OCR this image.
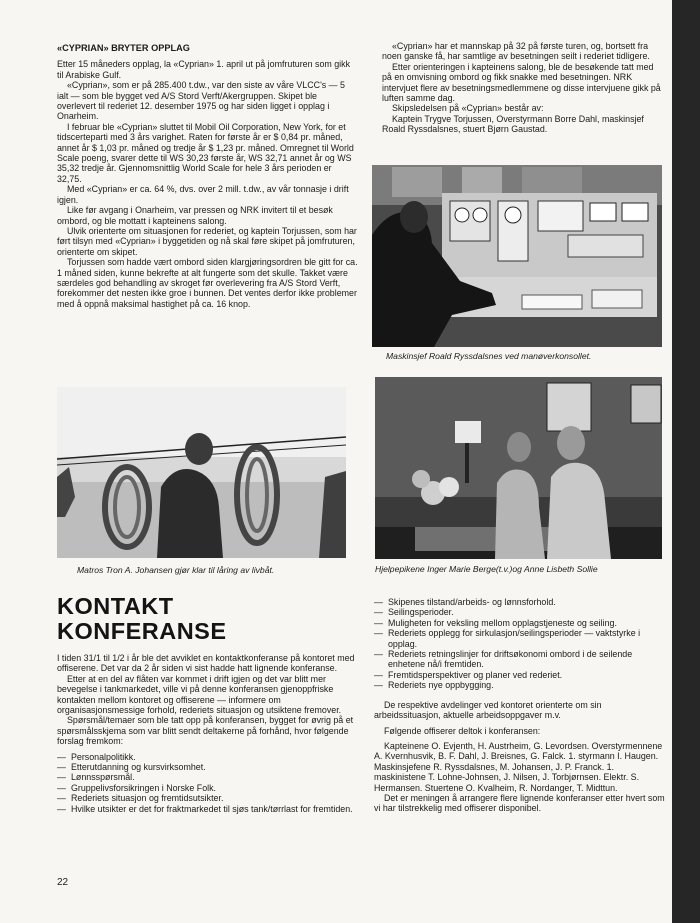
«CYPRIAN» BRYTER OPPLAG

Etter 15 måneders opplag, la «Cyprian» 1. april ut på jomfruturen som gikk til Arabiske Gulf.

«Cyprian», som er på 285.400 t.dw., var den siste av våre VLCC's — 5 ialt — som ble bygget ved A/S Stord Verft/Akergruppen. Skipet ble overlevert til rederiet 12. desember 1975 og har siden ligget i opplag i Onarheim.

I februar ble «Cyprian» sluttet til Mobil Oil Corporation, New York, for et tidscerteparti med 3 års varighet. Raten for første år er $ 0,84 pr. måned, annet år $ 1,03 pr. måned og tredje år $ 1,23 pr. måned. Omregnet til World Scale poeng, svarer dette til WS 30,23 første år, WS 32,71 annet år og WS 35,32 tredje år. Gjennomsnittlig World Scale for hele 3 års perioden er 32,75.

Med «Cyprian» er ca. 64 %, dvs. over 2 mill. t.dw., av vår tonnasje i drift igjen.

Like før avgang i Onarheim, var pressen og NRK invitert til et besøk ombord, og ble mottatt i kapteinens salong.

Ulvik orienterte om situasjonen for rederiet, og kaptein Torjussen, som har ført tilsyn med «Cyprian» i byggetiden og nå skal føre skipet på jomfruturen, orienterte om skipet.

Torjussen som hadde vært ombord siden klargjøringsordren ble gitt for ca. 1 måned siden, kunne bekrefte at alt fungerte som det skulle. Takket være særdeles god behandling av skroget før overlevering fra A/S Stord Verft, forekommer det nesten ikke groe i bunnen. Det ventes derfor ikke problemer med å oppnå maksimal hastighet på ca. 16 knop.

«Cyprian» har et mannskap på 32 på første turen, og, bortsett fra noen ganske få, har samtlige av besetningen seilt i rederiet tidligere.

Etter orienteringen i kapteinens salong, ble de besøkende tatt med på en omvisning ombord og fikk snakke med besetningen. NRK intervjuet flere av besetningsmedlemmene og disse intervjuene gikk på luften samme dag.

Skipsledelsen på «Cyprian» består av:

Kaptein Trygve Torjussen, Overstyrmann Borre Dahl, maskinsjef Roald Ryssdalsnes, stuert Bjørn Gaustad.

Maskinsjef Roald Ryssdalsnes ved manøverkonsollet.
Matros Tron A. Johansen gjør klar til låring av livbåt.	Hjelpepikene Inger Marie Berge(t.v.)og Anne Lisbeth Sollie
KONTAKT
KONFERANSE

I tiden 31/1 til 1/2 i år ble det avviklet en kontaktkonferanse på kontoret med offiserene. Det var da 2 år siden vi sist hadde hatt lignende konferanse.

Etter at en del av flåten var kommet i drift igjen og det var blitt mer bevegelse i tankmarkedet, ville vi på denne konferansen gjenoppfriske kontakten mellom kontoret og offiserene — informere om organisasjonsmessige forhold, rederiets situasjon og utsiktene fremover.

Spørsmål/temaer som ble tatt opp på konferansen, bygget for øvrig på et spørsmålsskjema som var blitt sendt deltakerne på forhånd, hvor følgende forslag fremkom:

— Personalpolitikk.
— Etterutdanning og kursvirksomhet.
— Lønnsspørsmål.
— Gruppelivsforsikringen i Norske Folk.
— Rederiets situasjon og fremtidsutsikter.
— Hvilke utsikter er det for fraktmarkedet til sjøs tank/tørrlast for fremtiden.
— Skipenes tilstand/arbeids- og lønnsforhold.
— Seilingsperioder.
— Muligheten for veksling mellom opplagstjeneste og seiling.
— Rederiets opplegg for sirkulasjon/seilingsperioder — vaktstyrke i opplag.
— Rederiets retningslinjer for driftsøkonomi ombord i de seilende enhetene nå/i fremtiden.
— Fremtidsperspektiver og planer ved rederiet.
— Rederiets nye oppbygging.

De respektive avdelinger ved kontoret orienterte om sin arbeidssituasjon, aktuelle arbeidsoppgaver m.v.

Følgende offiserer deltok i konferansen:

Kapteinene O. Evjenth, H. Austrheim, G. Levordsen. Overstyrmennene A. Kvernhusvik, B. F. Dahl, J. Breisnes, G. Falck. 1. styrmann I. Haugen. Maskinsjefene R. Ryssdalsnes, M. Johansen, J. P. Franck. 1. maskinistene T. Lohne-Johnsen, J. Nilsen, J. Torbjørnsen. Elektr. S. Hermansen. Stuertene O. Kvalheim, R. Nordanger, T. Midttun.

Det er meningen å arrangere flere lignende konferanser etter hvert som vi har tilstrekkelig med offiserer disponibel.

22
